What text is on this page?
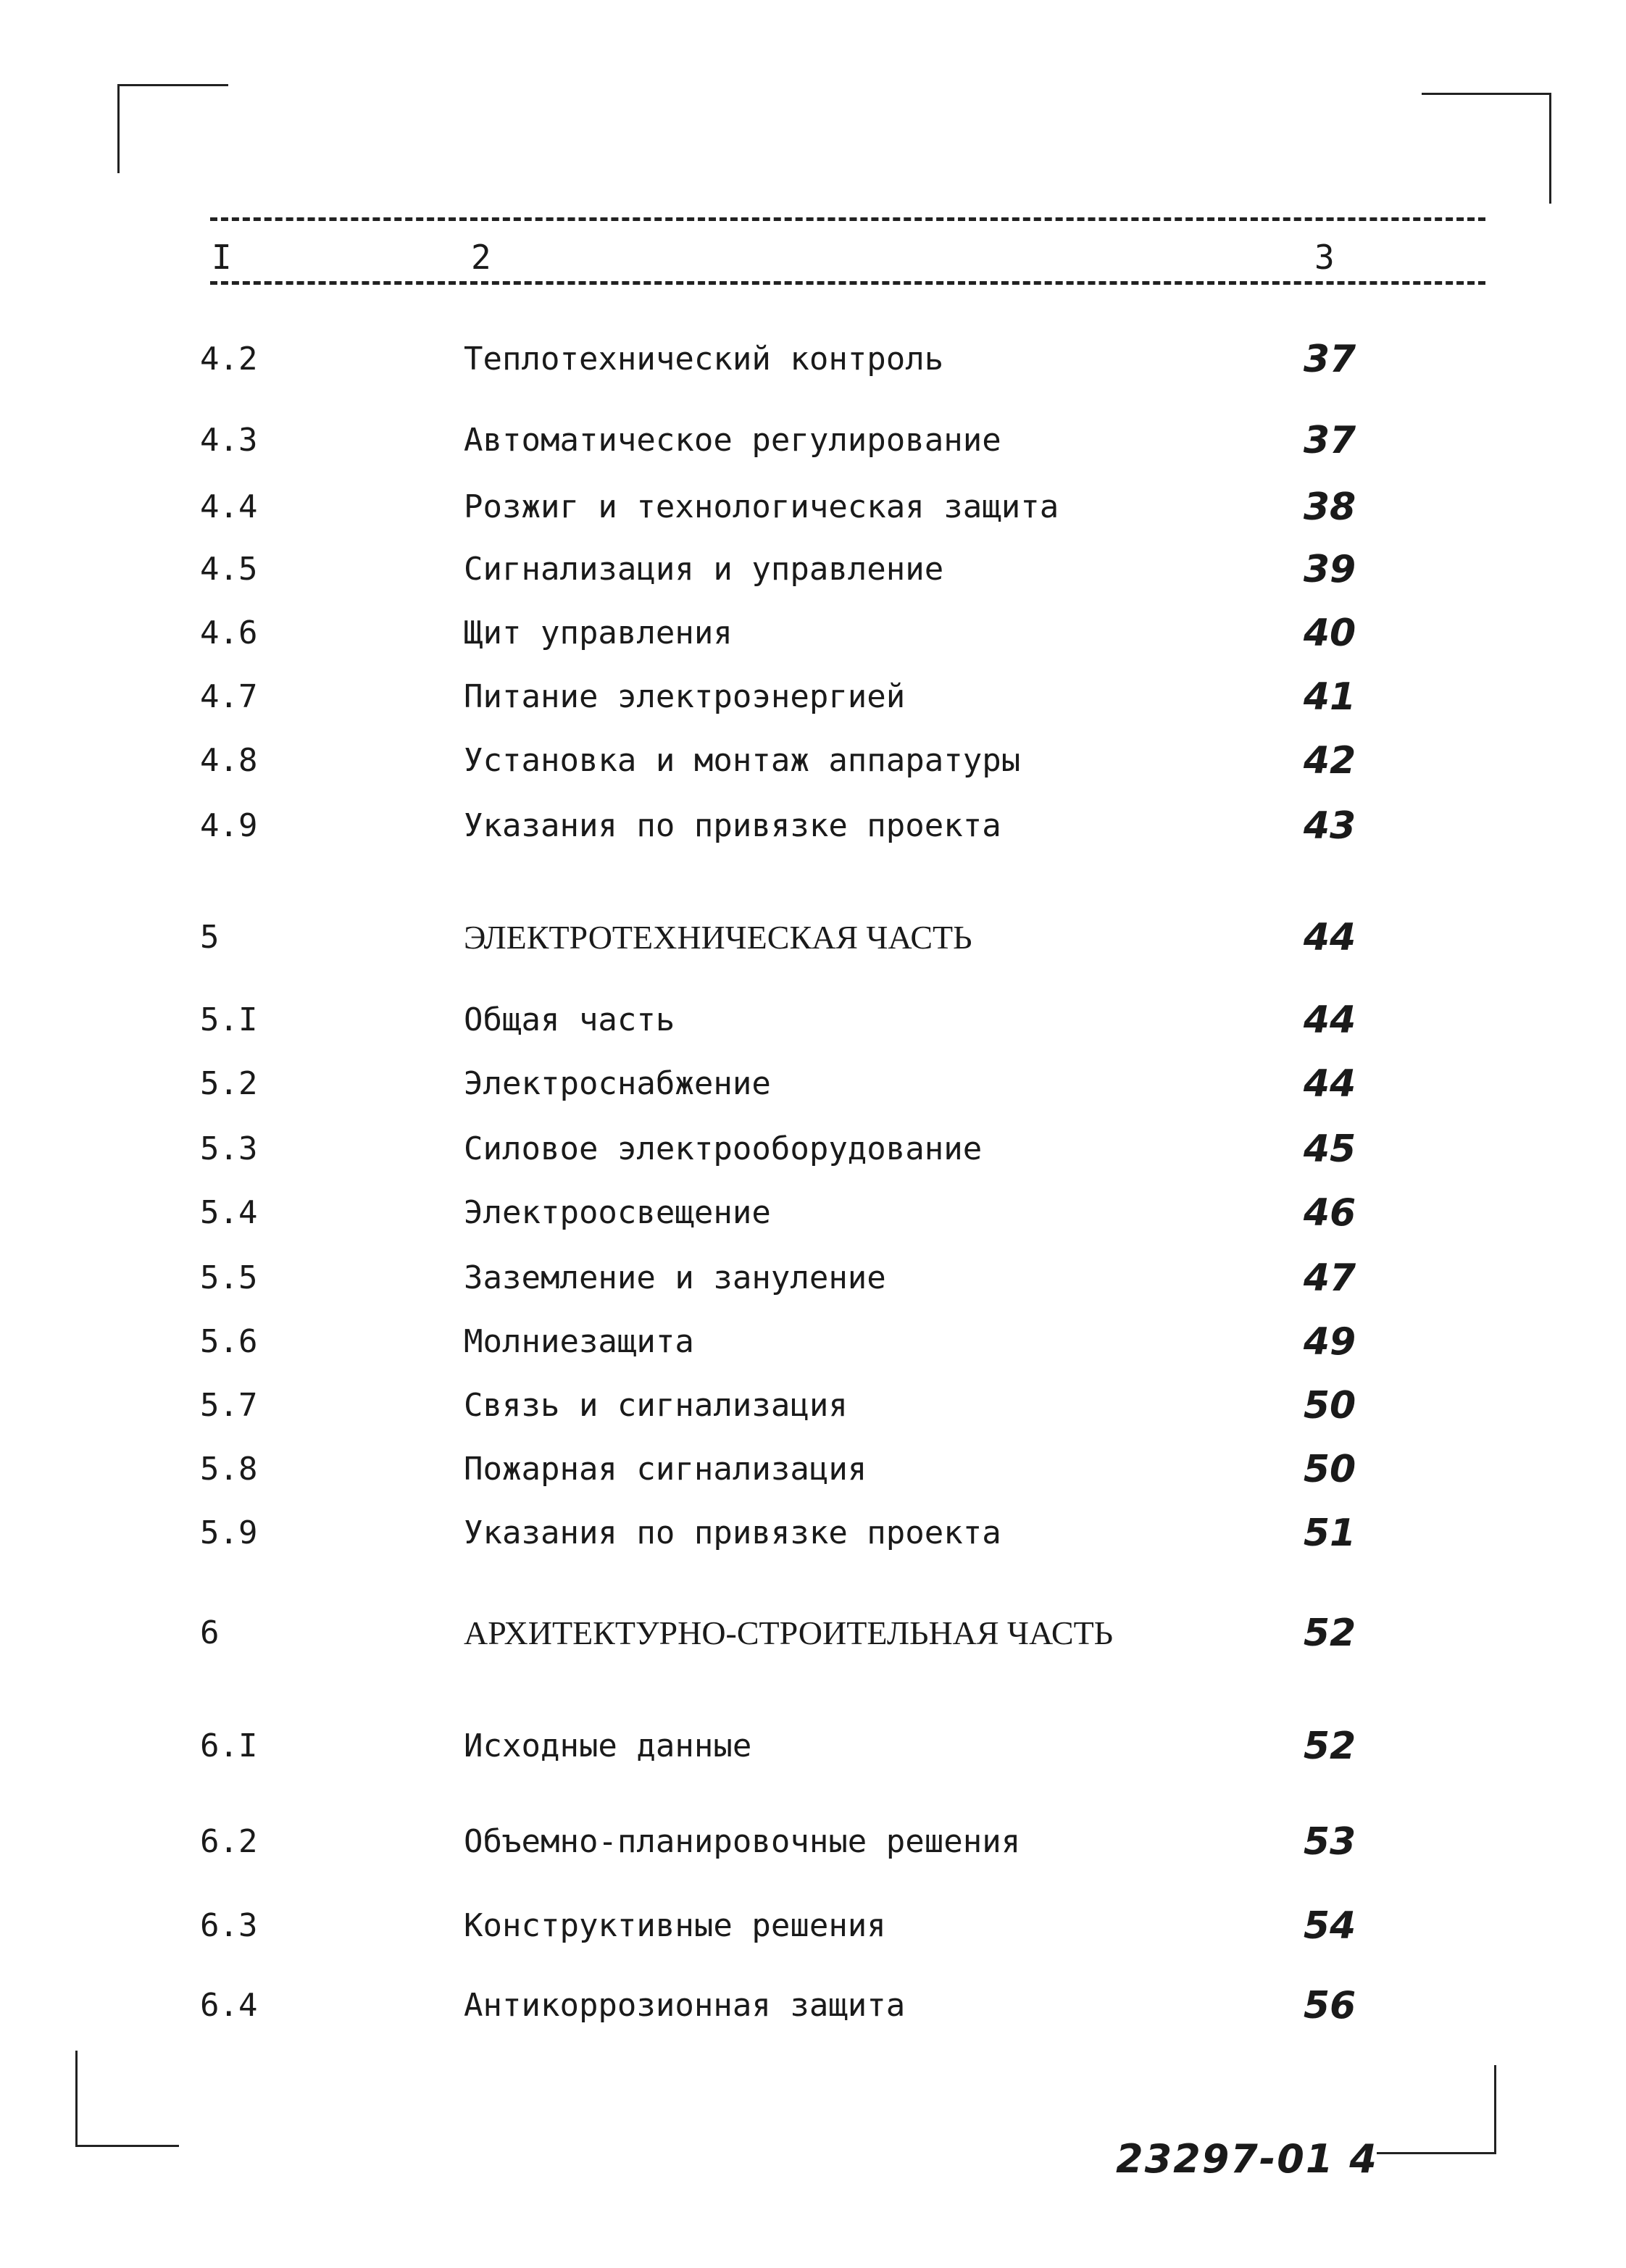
I	2	3
4.2	Теплотехнический контроль	37
4.3	Автоматическое регулирование	37
4.4	Розжиг и технологическая защита	38
4.5	Сигнализация и управление	39
4.6	Щит управления	40
4.7	Питание электроэнергией	41
4.8	Установка и монтаж аппаратуры	42
4.9	Указания по привязке проекта	43
5	ЭЛЕКТРОТЕХНИЧЕСКАЯ ЧАСТЬ	44
5.I	Общая часть	44
5.2	Электроснабжение	44
5.3	Силовое электрооборудование	45
5.4	Электроосвещение	46
5.5	Заземление и зануление	47
5.6	Молниезащита	49
5.7	Связь и сигнализация	50
5.8	Пожарная сигнализация	50
5.9	Указания по привязке проекта	51
6	АРХИТЕКТУРНО-СТРОИТЕЛЬНАЯ ЧАСТЬ	52
6.I	Исходные данные	52
6.2	Объемно-планировочные решения	53
6.3	Конструктивные решения	54
6.4	Антикоррозионная защита	56
23297-01 4
